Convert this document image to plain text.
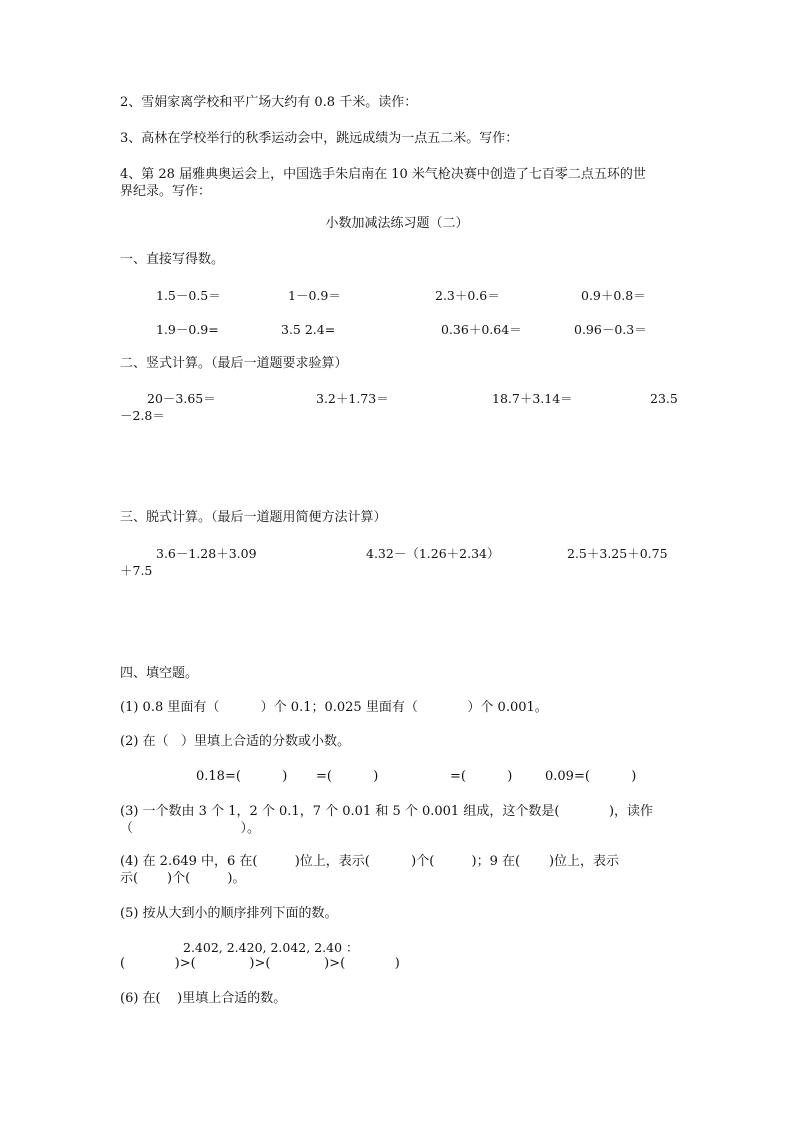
2、雪娟家离学校和平广场大约有 0.8 千米。读作：
3、高林在学校举行的秋季运动会中，跳远成绩为一点五二米。写作：
4、第 28 届雅典奥运会上，中国选手朱启南在 10 米气枪决赛中创造了七百零二点五环的世
界纪录。写作：
小数加减法练习题（二）
一、直接写得数。
1.5－0.5＝	1－0.9＝	2.3＋0.6＝	0.9＋0.8＝
1.9－0.9=	3.5 2.4=	0.36＋0.64＝	0.96－0.3＝
二、竖式计算。（最后一道题要求验算）
20－3.65＝	3.2＋1.73＝	18.7＋3.14＝	23.5
－2.8＝
三、脱式计算。（最后一道题用简便方法计算）
3.6－1.28＋3.09	4.32－（1.26＋2.34）	2.5＋3.25＋0.75
＋7.5
四、填空题。
(1) 0.8 里面有（          ）个 0.1；0.025 里面有（            ）个 0.001。
(2) 在（   ）里填上合适的分数或小数。
0.18=(          ) =(          )	=(          )	0.09=(          )
(3) 一个数由 3 个 1，2 个 0.1，7 个 0.01 和 5 个 0.001 组成，这个数是(            )，读作
（                          ）。
(4) 在 2.649 中，6 在(         )位上，表示(          )个(         )；9 在(       )位上，表示
示(       )个(         )。
(5) 按从大到小的顺序排列下面的数。
2.402, 2.420, 2.042, 2.40 ：
(            )>(             )>(             )>(            )
(6) 在(    )里填上合适的数。
